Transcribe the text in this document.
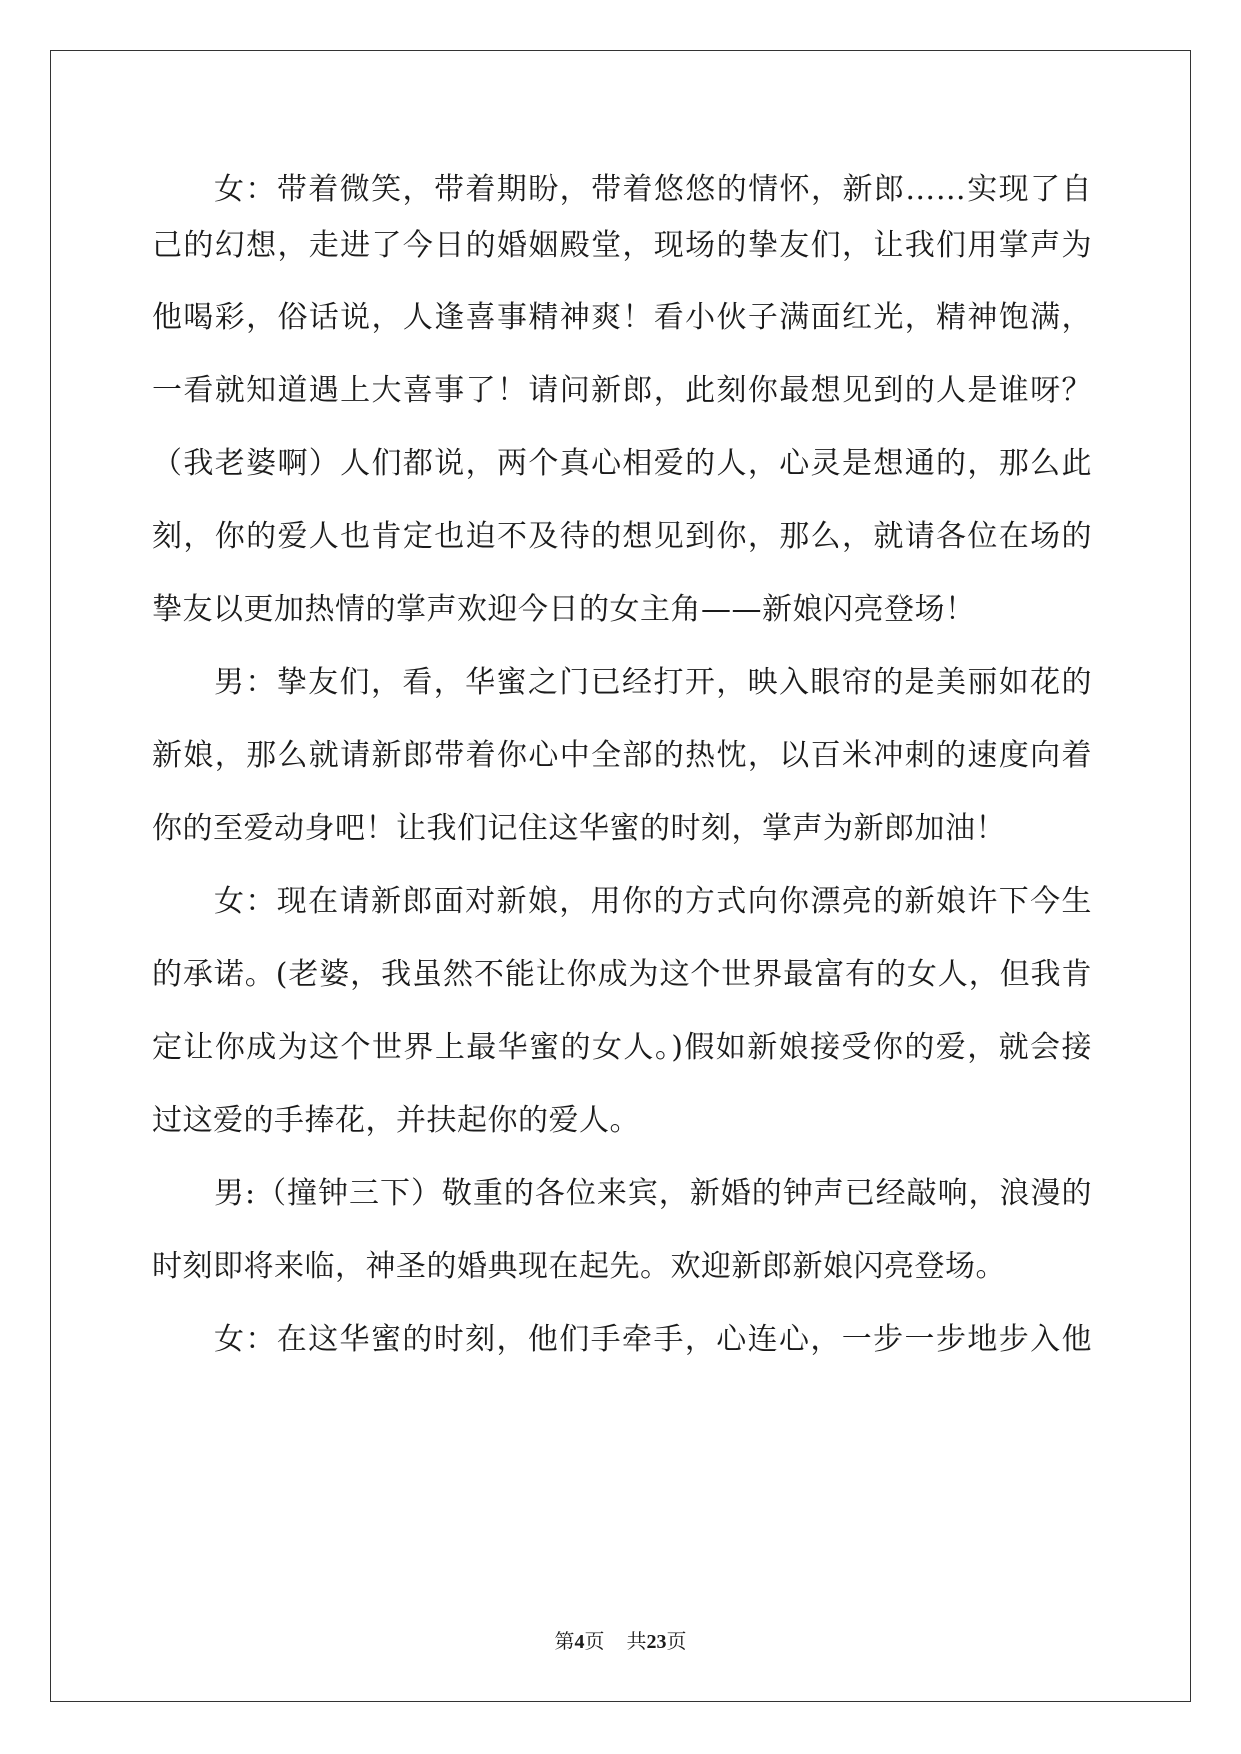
女：带着微笑，带着期盼，带着悠悠的情怀，新郎……实现了自
己的幻想，走进了今日的婚姻殿堂，现场的挚友们，让我们用掌声为
他喝彩，俗话说，人逢喜事精神爽！看小伙子满面红光，精神饱满，
一看就知道遇上大喜事了！请问新郎，此刻你最想见到的人是谁呀？
（我老婆啊）人们都说，两个真心相爱的人，心灵是想通的，那么此
刻，你的爱人也肯定也迫不及待的想见到你，那么，就请各位在场的
挚友以更加热情的掌声欢迎今日的女主角——新娘闪亮登场！
男：挚友们，看，华蜜之门已经打开，映入眼帘的是美丽如花的
新娘，那么就请新郎带着你心中全部的热忱，以百米冲刺的速度向着
你的至爱动身吧！让我们记住这华蜜的时刻，掌声为新郎加油！
女：现在请新郎面对新娘，用你的方式向你漂亮的新娘许下今生
的承诺。(老婆，我虽然不能让你成为这个世界最富有的女人，但我肯
定让你成为这个世界上最华蜜的女人。)假如新娘接受你的爱，就会接
过这爱的手捧花，并扶起你的爱人。
男:（撞钟三下）敬重的各位来宾，新婚的钟声已经敲响，浪漫的
时刻即将来临，神圣的婚典现在起先。欢迎新郎新娘闪亮登场。
女：在这华蜜的时刻，他们手牵手，心连心，一步一步地步入他
第4页 共23页
